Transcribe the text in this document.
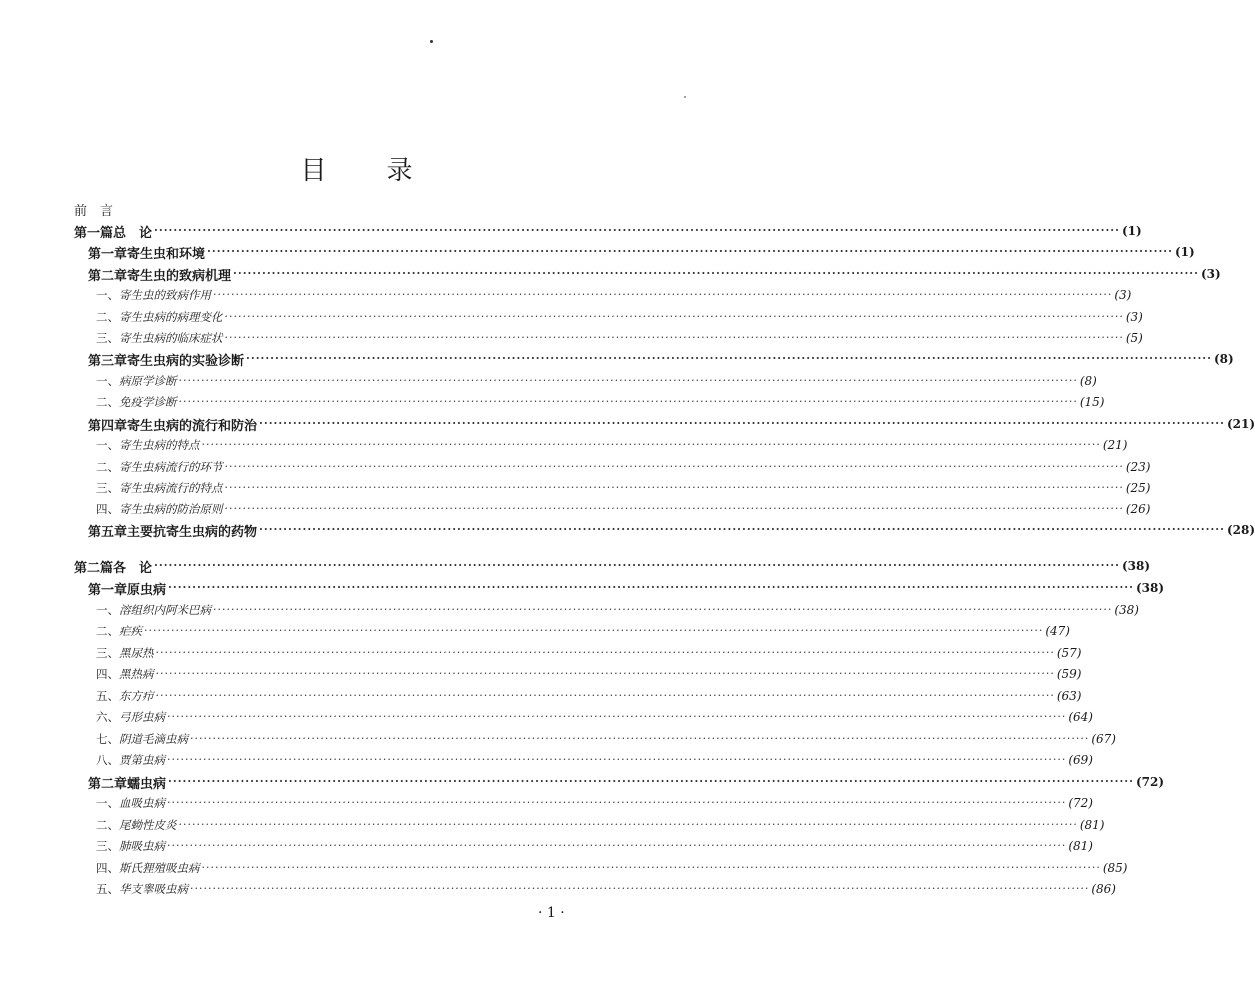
目 录
前　言
第一篇 总　论 ········································································································································································································ (1)
第一章 寄生虫和环境 ········································································································································································································ (1)
第二章 寄生虫的致病机理 ········································································································································································································ (3)
一、 寄生虫的致病作用 ········································································································································································································ (3)
二、 寄生虫病的病理变化 ········································································································································································································ (3)
三、 寄生虫病的临床症状 ········································································································································································································ (5)
第三章 寄生虫病的实验诊断 ········································································································································································································ (8)
一、 病原学诊断 ········································································································································································································ (8)
二、 免疫学诊断 ········································································································································································································ (15)
第四章 寄生虫病的流行和防治 ········································································································································································································ (21)
一、 寄生虫病的特点 ········································································································································································································ (21)
二、 寄生虫病流行的环节 ········································································································································································································ (23)
三、 寄生虫病流行的特点 ········································································································································································································ (25)
四、 寄生虫病的防治原则 ········································································································································································································ (26)
第五章 主要抗寄生虫病的药物 ········································································································································································································ (28)
第二篇 各　论 ········································································································································································································ (38)
第一章 原虫病 ········································································································································································································ (38)
一、 溶组织内阿米巴病 ········································································································································································································ (38)
二、 疟疾 ········································································································································································································ (47)
三、 黑尿热 ········································································································································································································ (57)
四、 黑热病 ········································································································································································································ (59)
五、 东方疖 ········································································································································································································ (63)
六、 弓形虫病 ········································································································································································································ (64)
七、 阴道毛滴虫病 ········································································································································································································ (67)
八、 贾第虫病 ········································································································································································································ (69)
第二章 蠕虫病 ········································································································································································································ (72)
一、 血吸虫病 ········································································································································································································ (72)
二、 尾蚴性皮炎 ········································································································································································································ (81)
三、 肺吸虫病 ········································································································································································································ (81)
四、 斯氏狸殖吸虫病 ········································································································································································································ (85)
五、 华支睾吸虫病 ········································································································································································································ (86)
· 1 ·
